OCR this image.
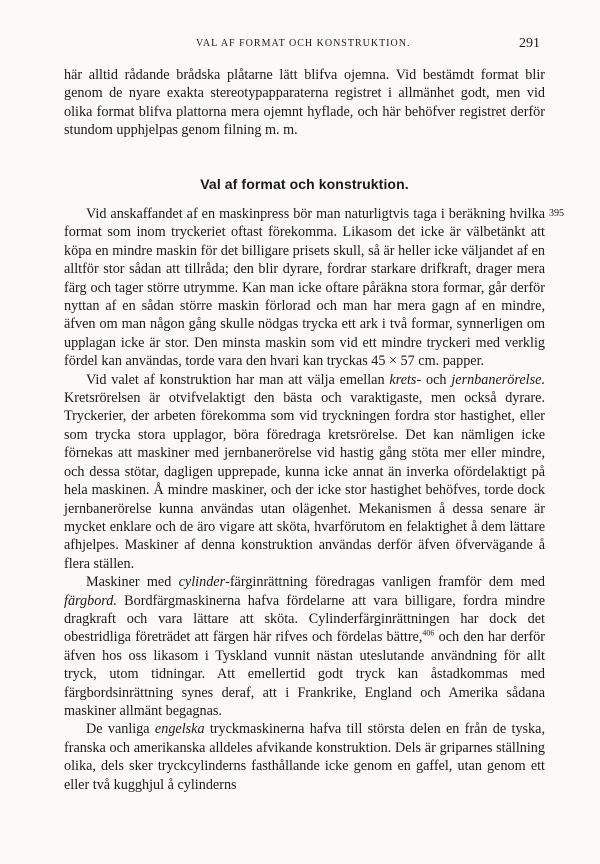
VAL AF FORMAT OCH KONSTRUKTION.	291

här alltid rådande brådska plåtarne lätt blifva ojemna. Vid bestämdt format blir genom de nyare exakta stereotypapparaterna registret i allmänhet godt, men vid olika format blifva plattorna mera ojemnt hyflade, och här behöfver registret derför stundom upphjelpas genom filning m. m.

Val af format och konstruktion.
395

Vid anskaffandet af en maskinpress bör man naturligtvis taga i beräkning hvilka format som inom tryckeriet oftast förekomma. Likasom det icke är välbetänkt att köpa en mindre maskin för det billigare prisets skull, så är heller icke väljandet af en alltför stor sådan att tillråda; den blir dyrare, fordrar starkare drifkraft, drager mera färg och tager större utrymme. Kan man icke oftare påräkna stora formar, går derför nyttan af en sådan större maskin förlorad och man har mera gagn af en mindre, äfven om man någon gång skulle nödgas trycka ett ark i två formar, synnerligen om upplagan icke är stor. Den minsta maskin som vid ett mindre tryckeri med verklig fördel kan användas, torde vara den hvari kan tryckas 45 × 57 cm. papper.

Vid valet af konstruktion har man att välja emellan krets- och jernbanerörelse. Kretsrörelsen är otvifvelaktigt den bästa och varaktigaste, men också dyrare. Tryckerier, der arbeten förekomma som vid tryckningen fordra stor hastighet, eller som trycka stora upplagor, böra föredraga kretsrörelse. Det kan nämligen icke förnekas att maskiner med jernbanerörelse vid hastig gång stöta mer eller mindre, och dessa stötar, dagligen upprepade, kunna icke annat än inverka ofördelaktigt på hela maskinen. Å mindre maskiner, och der icke stor hastighet behöfves, torde dock jernbanerörelse kunna användas utan olägenhet. Mekanismen å dessa senare är mycket enklare och de äro vigare att sköta, hvarförutom en felaktighet å dem lättare afhjelpes. Maskiner af denna konstruktion användas derför äfven öfvervägande å flera ställen.

Maskiner med cylinder-färginrättning föredragas vanligen framför dem med färgbord. Bordfärgmaskinerna hafva fördelarne att vara billigare, fordra mindre dragkraft och vara lättare att sköta. Cylinderfärginrättningen har dock det obestridliga företrädet att färgen här rifves och fördelas bättre,$^{406}$ och den har derför äfven hos oss likasom i Tyskland vunnit nästan uteslutande användning för allt tryck, utom tidningar. Att emellertid godt tryck kan åstadkommas med färgbordsinrättning synes deraf, att i Frankrike, England och Amerika sådana maskiner allmänt begagnas.

De vanliga engelska tryckmaskinerna hafva till största delen en från de tyska, franska och amerikanska alldeles afvikande konstruktion. Dels är griparnes ställning olika, dels sker tryckcylinderns fasthållande icke genom en gaffel, utan genom ett eller två kugghjul å cylinderns
